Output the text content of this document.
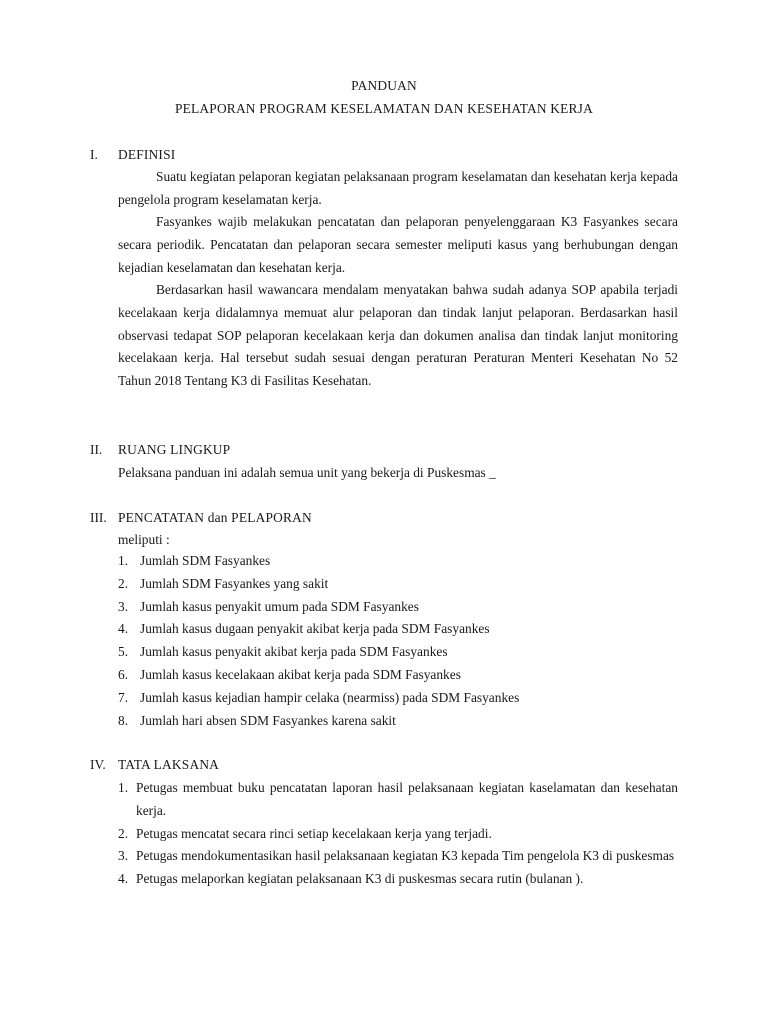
PANDUAN
PELAPORAN PROGRAM KESELAMATAN DAN KESEHATAN KERJA
I. DEFINISI
Suatu kegiatan pelaporan kegiatan pelaksanaan program keselamatan dan kesehatan kerja kepada pengelola program keselamatan kerja.
Fasyankes wajib melakukan pencatatan dan pelaporan penyelenggaraan K3 Fasyankes secara secara periodik. Pencatatan dan pelaporan secara semester meliputi kasus yang berhubungan dengan kejadian keselamatan dan kesehatan kerja.
Berdasarkan hasil wawancara mendalam menyatakan bahwa sudah adanya SOP apabila terjadi kecelakaan kerja didalamnya memuat alur pelaporan dan tindak lanjut pelaporan. Berdasarkan hasil observasi tedapat SOP pelaporan kecelakaan kerja dan dokumen analisa dan tindak lanjut monitoring kecelakaan kerja. Hal tersebut sudah sesuai dengan peraturan Peraturan Menteri Kesehatan No 52 Tahun 2018 Tentang K3 di Fasilitas Kesehatan.
II. RUANG LINGKUP
Pelaksana panduan ini adalah semua unit yang bekerja di Puskesmas _
III. PENCATATAN dan PELAPORAN
meliputi :
1. Jumlah SDM Fasyankes
2. Jumlah SDM Fasyankes yang sakit
3. Jumlah kasus penyakit umum pada SDM Fasyankes
4. Jumlah kasus dugaan penyakit akibat kerja pada SDM Fasyankes
5. Jumlah kasus penyakit akibat kerja pada SDM Fasyankes
6. Jumlah kasus kecelakaan akibat kerja pada SDM Fasyankes
7. Jumlah kasus kejadian hampir celaka (nearmiss) pada SDM Fasyankes
8. Jumlah hari absen SDM Fasyankes karena sakit
IV. TATA LAKSANA
1. Petugas membuat buku pencatatan laporan hasil pelaksanaan kegiatan kaselamatan dan kesehatan kerja.
2. Petugas mencatat secara rinci setiap kecelakaan kerja yang terjadi.
3. Petugas mendokumentasikan hasil pelaksanaan kegiatan K3 kepada Tim pengelola K3 di puskesmas
4. Petugas melaporkan kegiatan pelaksanaan K3 di puskesmas secara rutin (bulanan ).
